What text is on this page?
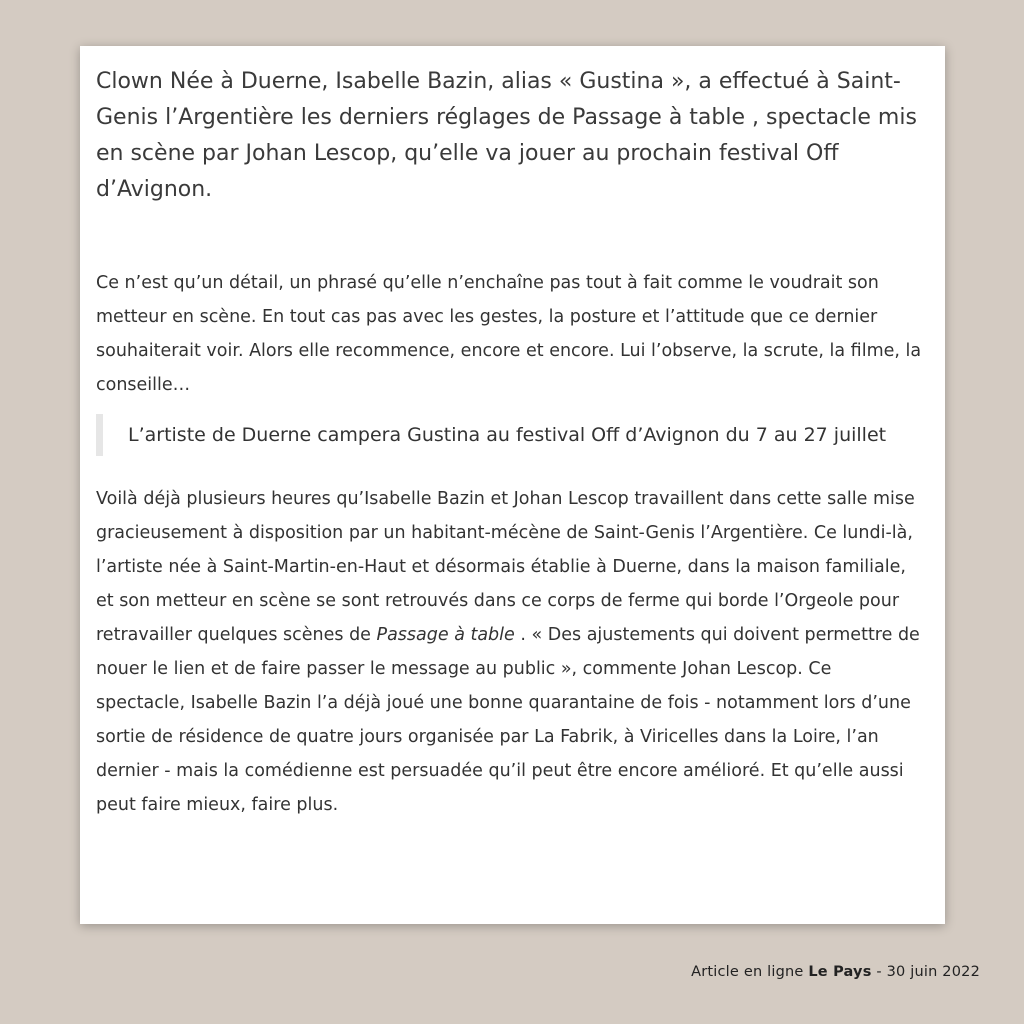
Clown Née à Duerne, Isabelle Bazin, alias « Gustina », a effectué à Saint-Genis l’Argentière les derniers réglages de Passage à table , spectacle mis en scène par Johan Lescop, qu’elle va jouer au prochain festival Off d’Avignon.

Ce n’est qu’un détail, un phrasé qu’elle n’enchaîne pas tout à fait comme le voudrait son metteur en scène. En tout cas pas avec les gestes, la posture et l’attitude que ce dernier souhaiterait voir. Alors elle recommence, encore et encore. Lui l’observe, la scrute, la filme, la conseille…

L’artiste de Duerne campera Gustina au festival Off d’Avignon du 7 au 27 juillet

Voilà déjà plusieurs heures qu’Isabelle Bazin et Johan Lescop travaillent dans cette salle mise gracieusement à disposition par un habitant-mécène de Saint-Genis l’Argentière. Ce lundi-là, l’artiste née à Saint-Martin-en-Haut et désormais établie à Duerne, dans la maison familiale, et son metteur en scène se sont retrouvés dans ce corps de ferme qui borde l’Orgeole pour retravailler quelques scènes de Passage à table . « Des ajustements qui doivent permettre de nouer le lien et de faire passer le message au public », commente Johan Lescop. Ce spectacle, Isabelle Bazin l’a déjà joué une bonne quarantaine de fois - notamment lors d’une sortie de résidence de quatre jours organisée par La Fabrik, à Viricelles dans la Loire, l’an dernier - mais la comédienne est persuadée qu’il peut être encore amélioré. Et qu’elle aussi peut faire mieux, faire plus.

Article en ligne Le Pays - 30 juin 2022
